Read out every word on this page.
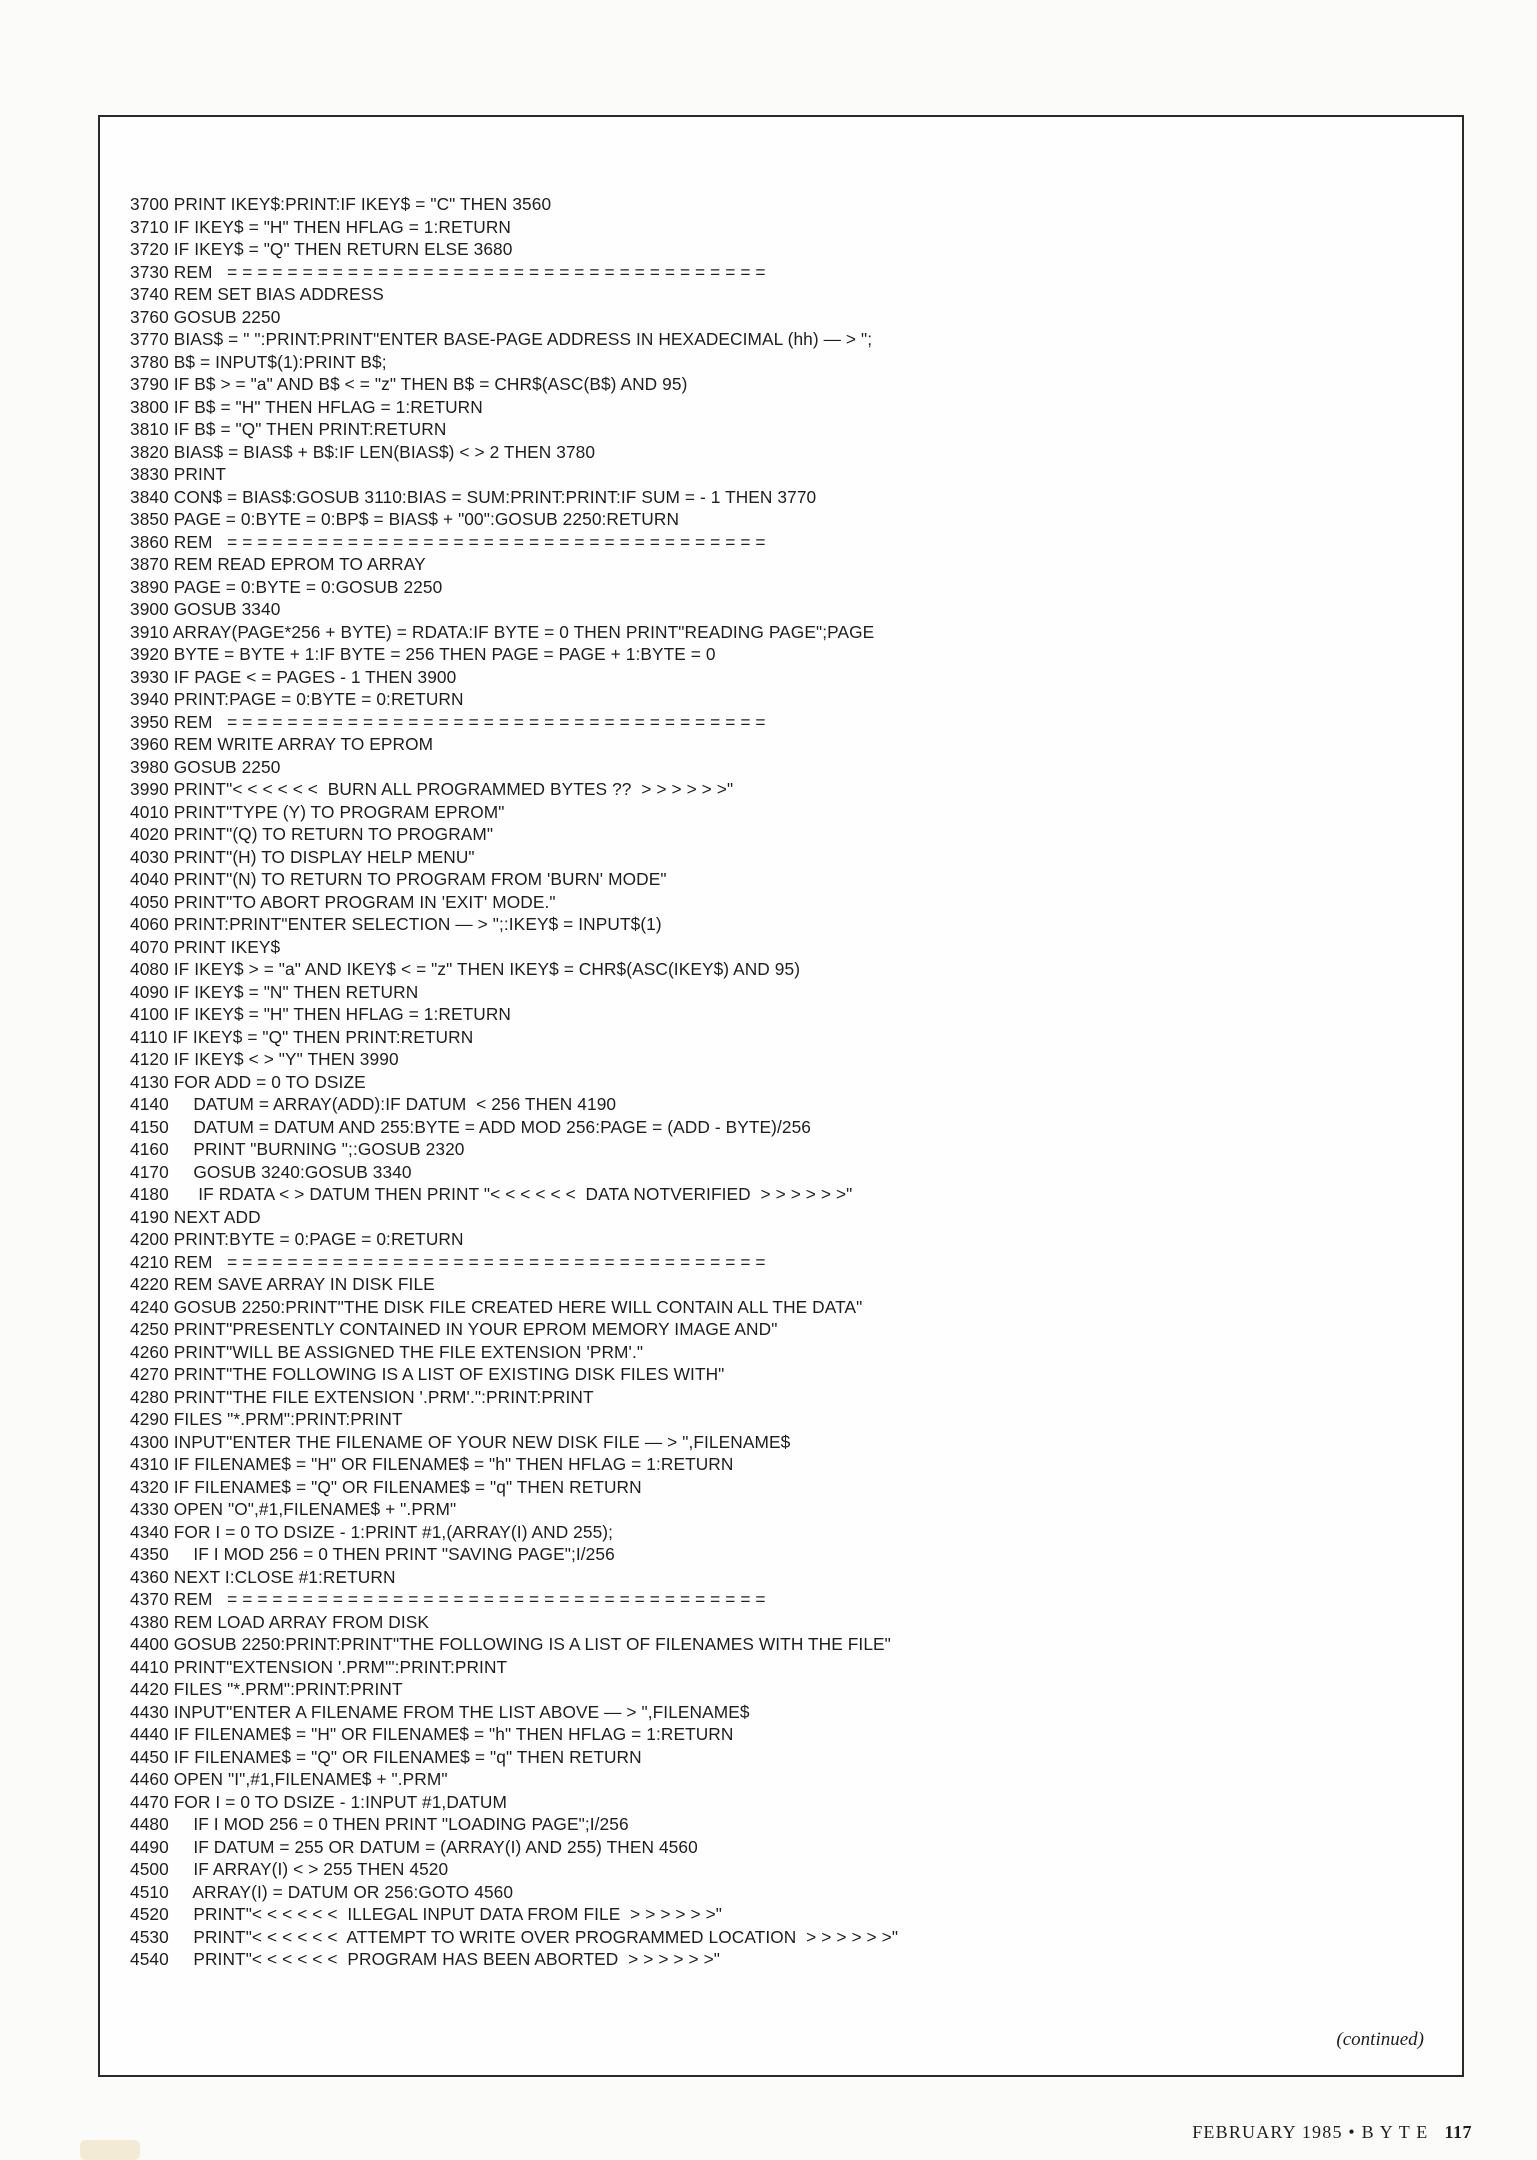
3700 PRINT IKEY$:PRINT:IF IKEY$ = "C" THEN 3560
3710 IF IKEY$ = "H" THEN HFLAG = 1:RETURN
3720 IF IKEY$ = "Q" THEN RETURN ELSE 3680
3730 REM   = = = = = = = = = = = = = = = = = = = = = = = = = = = = = = = = = = = =
3740 REM SET BIAS ADDRESS
3760 GOSUB 2250
3770 BIAS$ = " ":PRINT:PRINT"ENTER BASE-PAGE ADDRESS IN HEXADECIMAL (hh) — > ";
3780 B$ = INPUT$(1):PRINT B$;
3790 IF B$ > = "a" AND B$ < = "z" THEN B$ = CHR$(ASC(B$) AND 95)
3800 IF B$ = "H" THEN HFLAG = 1:RETURN
3810 IF B$ = "Q" THEN PRINT:RETURN
3820 BIAS$ = BIAS$ + B$:IF LEN(BIAS$) < > 2 THEN 3780
3830 PRINT
3840 CON$ = BIAS$:GOSUB 3110:BIAS = SUM:PRINT:PRINT:IF SUM = - 1 THEN 3770
3850 PAGE = 0:BYTE = 0:BP$ = BIAS$ + "00":GOSUB 2250:RETURN
3860 REM   = = = = = = = = = = = = = = = = = = = = = = = = = = = = = = = = = = = =
3870 REM READ EPROM TO ARRAY
3890 PAGE = 0:BYTE = 0:GOSUB 2250
3900 GOSUB 3340
3910 ARRAY(PAGE*256 + BYTE) = RDATA:IF BYTE = 0 THEN PRINT"READING PAGE";PAGE
3920 BYTE = BYTE + 1:IF BYTE = 256 THEN PAGE = PAGE + 1:BYTE = 0
3930 IF PAGE < = PAGES - 1 THEN 3900
3940 PRINT:PAGE = 0:BYTE = 0:RETURN
3950 REM   = = = = = = = = = = = = = = = = = = = = = = = = = = = = = = = = = = = =
3960 REM WRITE ARRAY TO EPROM
3980 GOSUB 2250
3990 PRINT"< < < < < <  BURN ALL PROGRAMMED BYTES ??  > > > > > >"
4010 PRINT"TYPE (Y) TO PROGRAM EPROM"
4020 PRINT"(Q) TO RETURN TO PROGRAM"
4030 PRINT"(H) TO DISPLAY HELP MENU"
4040 PRINT"(N) TO RETURN TO PROGRAM FROM 'BURN' MODE"
4050 PRINT"TO ABORT PROGRAM IN 'EXIT' MODE."
4060 PRINT:PRINT"ENTER SELECTION — > ";:IKEY$ = INPUT$(1)
4070 PRINT IKEY$
4080 IF IKEY$ > = "a" AND IKEY$ < = "z" THEN IKEY$ = CHR$(ASC(IKEY$) AND 95)
4090 IF IKEY$ = "N" THEN RETURN
4100 IF IKEY$ = "H" THEN HFLAG = 1:RETURN
4110 IF IKEY$ = "Q" THEN PRINT:RETURN
4120 IF IKEY$ < > "Y" THEN 3990
4130 FOR ADD = 0 TO DSIZE
4140     DATUM = ARRAY(ADD):IF DATUM  < 256 THEN 4190
4150     DATUM = DATUM AND 255:BYTE = ADD MOD 256:PAGE = (ADD - BYTE)/256
4160     PRINT "BURNING ";:GOSUB 2320
4170     GOSUB 3240:GOSUB 3340
4180      IF RDATA < > DATUM THEN PRINT "< < < < < <  DATA NOTVERIFIED  > > > > > >"
4190 NEXT ADD
4200 PRINT:BYTE = 0:PAGE = 0:RETURN
4210 REM   = = = = = = = = = = = = = = = = = = = = = = = = = = = = = = = = = = = =
4220 REM SAVE ARRAY IN DISK FILE
4240 GOSUB 2250:PRINT"THE DISK FILE CREATED HERE WILL CONTAIN ALL THE DATA"
4250 PRINT"PRESENTLY CONTAINED IN YOUR EPROM MEMORY IMAGE AND"
4260 PRINT"WILL BE ASSIGNED THE FILE EXTENSION 'PRM'."
4270 PRINT"THE FOLLOWING IS A LIST OF EXISTING DISK FILES WITH"
4280 PRINT"THE FILE EXTENSION '.PRM'.":PRINT:PRINT
4290 FILES "*.PRM":PRINT:PRINT
4300 INPUT"ENTER THE FILENAME OF YOUR NEW DISK FILE — > ",FILENAME$
4310 IF FILENAME$ = "H" OR FILENAME$ = "h" THEN HFLAG = 1:RETURN
4320 IF FILENAME$ = "Q" OR FILENAME$ = "q" THEN RETURN
4330 OPEN "O",#1,FILENAME$ + ".PRM"
4340 FOR I = 0 TO DSIZE - 1:PRINT #1,(ARRAY(I) AND 255);
4350     IF I MOD 256 = 0 THEN PRINT "SAVING PAGE";I/256
4360 NEXT I:CLOSE #1:RETURN
4370 REM   = = = = = = = = = = = = = = = = = = = = = = = = = = = = = = = = = = = =
4380 REM LOAD ARRAY FROM DISK
4400 GOSUB 2250:PRINT:PRINT"THE FOLLOWING IS A LIST OF FILENAMES WITH THE FILE"
4410 PRINT"EXTENSION '.PRM'":PRINT:PRINT
4420 FILES "*.PRM":PRINT:PRINT
4430 INPUT"ENTER A FILENAME FROM THE LIST ABOVE — > ",FILENAME$
4440 IF FILENAME$ = "H" OR FILENAME$ = "h" THEN HFLAG = 1:RETURN
4450 IF FILENAME$ = "Q" OR FILENAME$ = "q" THEN RETURN
4460 OPEN "I",#1,FILENAME$ + ".PRM"
4470 FOR I = 0 TO DSIZE - 1:INPUT #1,DATUM
4480     IF I MOD 256 = 0 THEN PRINT "LOADING PAGE";I/256
4490     IF DATUM = 255 OR DATUM = (ARRAY(I) AND 255) THEN 4560
4500     IF ARRAY(I) < > 255 THEN 4520
4510     ARRAY(I) = DATUM OR 256:GOTO 4560
4520     PRINT"< < < < < <  ILLEGAL INPUT DATA FROM FILE  > > > > > >"
4530     PRINT"< < < < < <  ATTEMPT TO WRITE OVER PROGRAMMED LOCATION  > > > > > >"
4540     PRINT"< < < < < <  PROGRAM HAS BEEN ABORTED  > > > > > >"
(continued)
FEBRUARY 1985 • B Y T E 117
